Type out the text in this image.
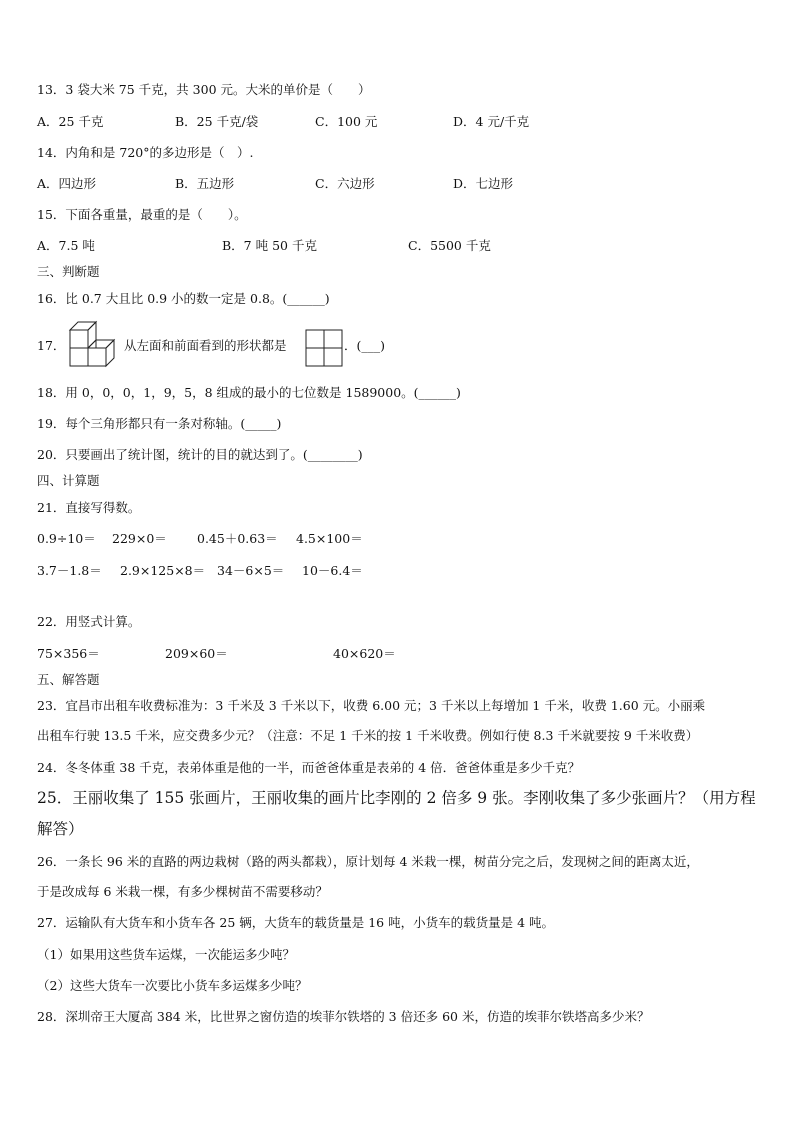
13．3 袋大米 75 千克，共 300 元。大米的单价是（　　）
A．25 千克	B．25 千克/袋	C．100 元	D．4 元/千克
14．内角和是 720°的多边形是（　）.
A．四边形	B．五边形	C．六边形	D．七边形
15．下面各重量，最重的是（　　）。
A．7.5 吨	B．7 吨 50 千克	C．5500 千克
三、判断题
16．比 0.7 大且比 0.9 小的数一定是 0.8。(______)
17．	从左面和前面看到的形状都是	．(___)
18．用 0，0，0，1，9，5，8 组成的最小的七位数是 1589000。(______)
19．每个三角形都只有一条对称轴。(_____)
20．只要画出了统计图，统计的目的就达到了。(________)
四、计算题
21．直接写得数。
0.9÷10＝ 229×0＝ 0.45＋0.63＝ 4.5×100＝
3.7－1.8＝ 2.9×125×8＝ 34－6×5＝ 10－6.4＝
22．用竖式计算。
75×356＝	209×60＝	40×620＝
五、解答题
23．宜昌市出租车收费标准为：3 千米及 3 千米以下，收费 6.00 元；3 千米以上每增加 1 千米，收费 1.60 元。小丽乘
出租车行驶 13.5 千米，应交费多少元？（注意：不足 1 千米的按 1 千米收费。例如行使 8.3 千米就要按 9 千米收费）
24．冬冬体重 38 千克，表弟体重是他的一半，而爸爸体重是表弟的 4 倍．爸爸体重是多少千克？
25．王丽收集了 155 张画片，王丽收集的画片比李刚的 2 倍多 9 张。李刚收集了多少张画片？（用方程
解答）
26．一条长 96 米的直路的两边栽树（路的两头都栽），原计划每 4 米栽一棵，树苗分完之后，发现树之间的距离太近，
于是改成每 6 米栽一棵，有多少棵树苗不需要移动？
27．运输队有大货车和小货车各 25 辆，大货车的载货量是 16 吨，小货车的载货量是 4 吨。
（1）如果用这些货车运煤，一次能运多少吨？
（2）这些大货车一次要比小货车多运煤多少吨？
28．深圳帝王大厦高 384 米，比世界之窗仿造的埃菲尔铁塔的 3 倍还多 60 米，仿造的埃菲尔铁塔高多少米？
